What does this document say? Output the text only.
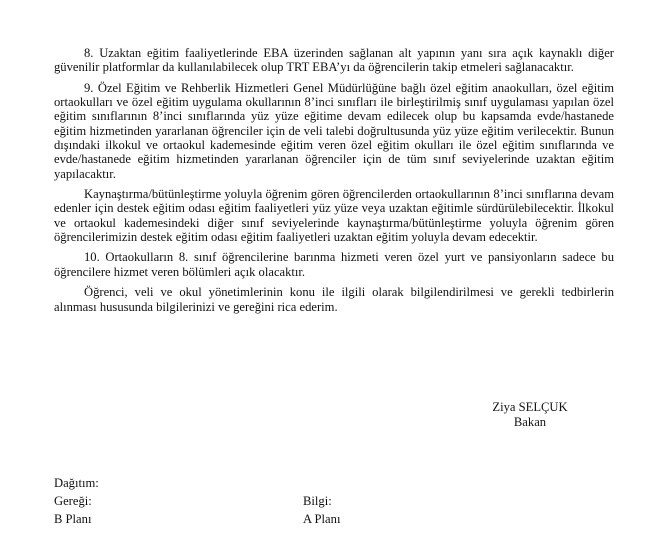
8. Uzaktan eğitim faaliyetlerinde EBA üzerinden sağlanan alt yapının yanı sıra açık kaynaklı diğer güvenilir platformlar da kullanılabilecek olup TRT EBA’yı da öğrencilerin takip etmeleri sağlanacaktır.

9. Özel Eğitim ve Rehberlik Hizmetleri Genel Müdürlüğüne bağlı özel eğitim anaokulları, özel eğitim ortaokulları ve özel eğitim uygulama okullarının 8’inci sınıfları ile birleştirilmiş sınıf uygulaması yapılan özel eğitim sınıflarının 8’inci sınıflarında yüz yüze eğitime devam edilecek olup bu kapsamda evde/hastanede eğitim hizmetinden yararlanan öğrenciler için de veli talebi doğrultusunda yüz yüze eğitim verilecektir. Bunun dışındaki ilkokul ve ortaokul kademesinde eğitim veren özel eğitim okulları ile özel eğitim sınıflarında ve evde/hastanede eğitim hizmetinden yararlanan öğrenciler için de tüm sınıf seviyelerinde uzaktan eğitim yapılacaktır.

Kaynaştırma/bütünleştirme yoluyla öğrenim gören öğrencilerden ortaokullarının 8’inci sınıflarına devam edenler için destek eğitim odası eğitim faaliyetleri yüz yüze veya uzaktan eğitimle sürdürülebilecektir. İlkokul ve ortaokul kademesindeki diğer sınıf seviyelerinde kaynaştırma/bütünleştirme yoluyla öğrenim gören öğrencilerimizin destek eğitim odası eğitim faaliyetleri uzaktan eğitim yoluyla devam edecektir.

10. Ortaokulların 8. sınıf öğrencilerine barınma hizmeti veren özel yurt ve pansiyonların sadece bu öğrencilere hizmet veren bölümleri açık olacaktır.

Öğrenci, veli ve okul yönetimlerinin konu ile ilgili olarak bilgilendirilmesi ve gerekli tedbirlerin alınması hususunda bilgilerinizi ve gereğini rica ederim.

Ziya SELÇUK
Bakan
Dağıtım:
Gereği:
B Planı
Bilgi:
A Planı
